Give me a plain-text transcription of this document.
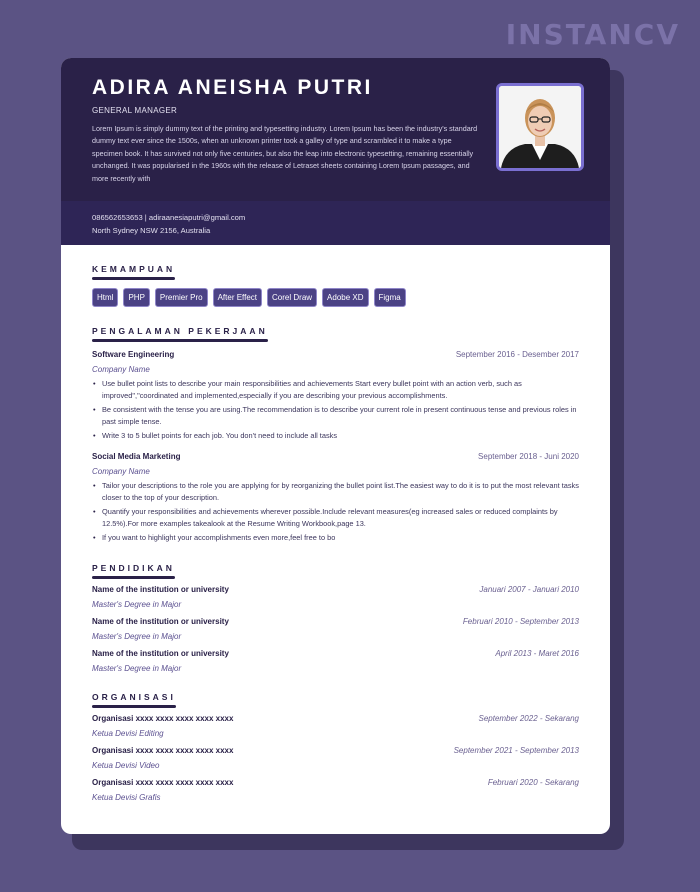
INSTANCV
ADIRA ANEISHA PUTRI
GENERAL MANAGER
Lorem Ipsum is simply dummy text of the printing and typesetting industry. Lorem Ipsum has been the industry's standard dummy text ever since the 1500s, when an unknown printer took a galley of type and scrambled it to make a type specimen book. It has survived not only five centuries, but also the leap into electronic typesetting, remaining essentially unchanged. It was popularised in the 1960s with the release of Letraset sheets containing Lorem Ipsum passages, and more recently with
086562653653 | adiraanesiaputri@gmail.com
North Sydney NSW 2156, Australia
KEMAMPUAN
Html	PHP	Premier Pro	After Effect	Corel Draw	Adobe XD	Figma
PENGALAMAN PEKERJAAN
Software Engineering	September 2016 - Desember 2017
Company Name
• Use bullet point lists to describe your main responsibilities and achievements Start every bullet point with an action verb, such as improved","coordinated and implemented,especially if you are describing your previous accomplishments.
• Be consistent with the tense you are using.The recommendation is to describe your current role in present continuous tense and previous roles in past simple tense.
• Write 3 to 5 bullet points for each job. You don't need to include all tasks
Social Media Marketing	September 2018 - Juni 2020
Company Name
• Tailor your descriptions to the role you are applying for by reorganizing the bullet point list.The easiest way to do it is to put the most relevant tasks closer to the top of your description.
• Quantify your responsibilities and achievements wherever possible.Include relevant measures(eg increased sales or reduced complaints by 12.5%).For more examples takealook at the Resume Writing Workbook,page 13.
• If you want to highlight your accomplishments even more,feel free to bo
PENDIDIKAN
Name of the institution or university	Januari 2007 - Januari 2010
Master's Degree in Major
Name of the institution or university	Februari 2010 - September 2013
Master's Degree in Major
Name of the institution or university	April 2013 - Maret 2016
Master's Degree in Major
ORGANISASI
Organisasi xxxx xxxx xxxx xxxx xxxx	September 2022 - Sekarang
Ketua Devisi Editing
Organisasi xxxx xxxx xxxx xxxx xxxx	September 2021 - September 2013
Ketua Devisi Video
Organisasi xxxx xxxx xxxx xxxx xxxx	Februari 2020 - Sekarang
Ketua Devisi Grafis
